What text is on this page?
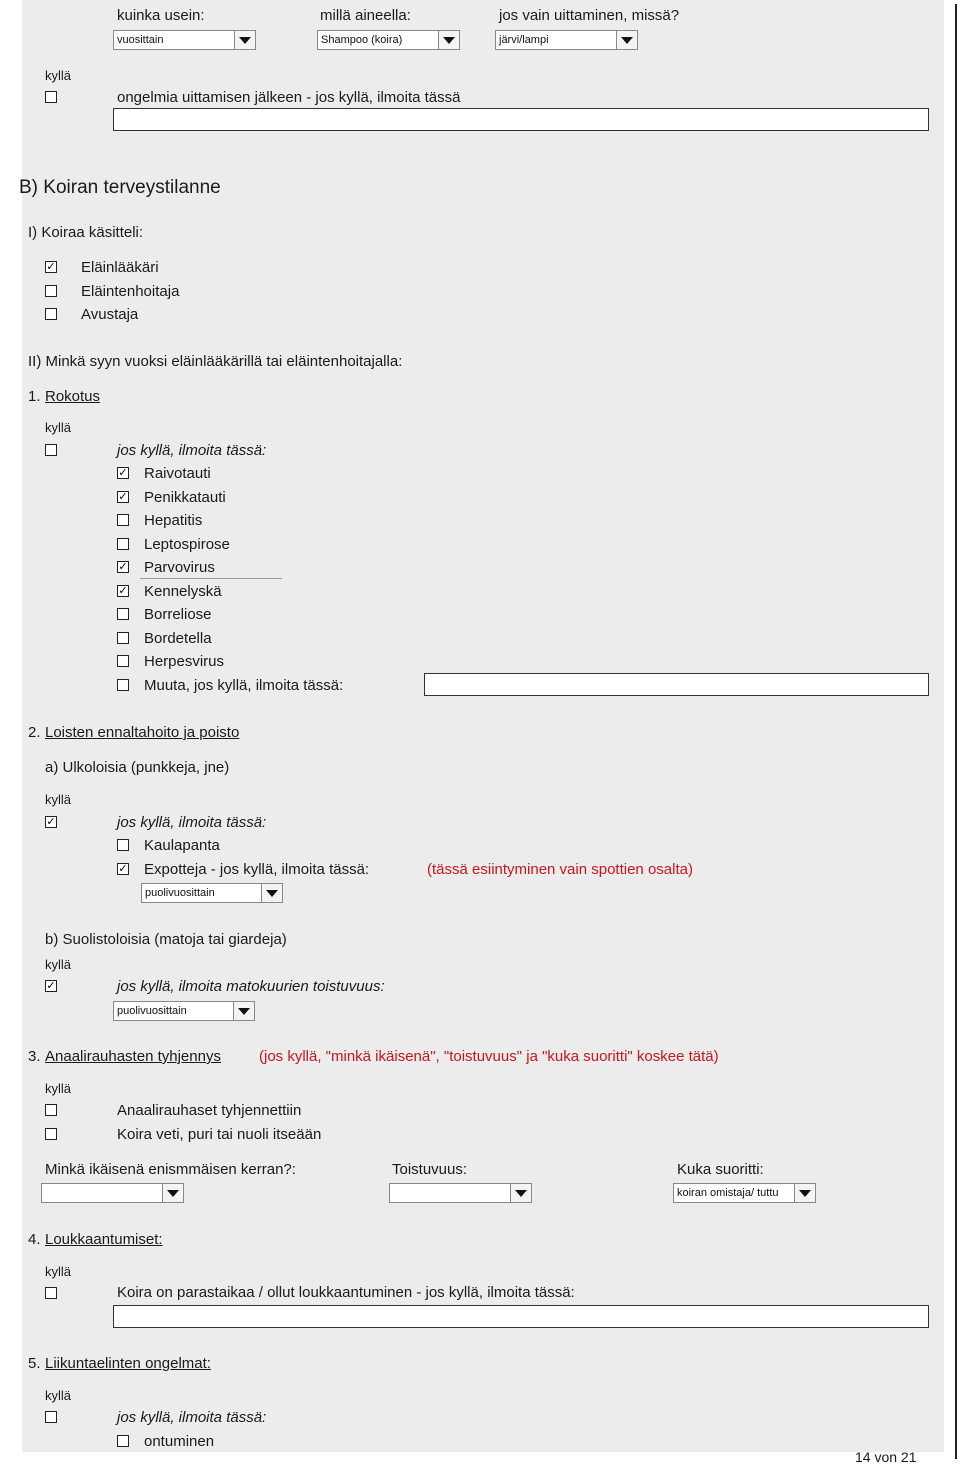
kuinka usein:	millä aineella:	jos vain uittaminen, missä?
vuosittain	Shampoo (koira)	järvi/lampi
kyllä
ongelmia uittamisen jälkeen - jos kyllä, ilmoita tässä
B) Koiran terveystilanne
I) Koiraa käsitteli:
✓ Eläinlääkäri
Eläintenhoitaja
Avustaja
II) Minkä syyn vuoksi eläinlääkärillä tai eläintenhoitajalla:
1. Rokotus
kyllä
jos kyllä, ilmoita tässä:
✓ Raivotauti
✓ Penikkatauti
Hepatitis
Leptospirose
✓ Parvovirus
✓ Kennelyskä
Borreliose
Bordetella
Herpesvirus
Muuta, jos kyllä, ilmoita tässä:
2. Loisten ennaltahoito ja poisto
a) Ulkoloisia (punkkeja, jne)
kyllä
✓	jos kyllä, ilmoita tässä:
Kaulapanta
✓ Expotteja - jos kyllä, ilmoita tässä:	(tässä esiintyminen vain spottien osalta)
puolivuosittain
b) Suolistoloisia (matoja tai giardeja)
kyllä
✓	jos kyllä, ilmoita matokuurien toistuvuus:
puolivuosittain
3. Anaalirauhasten tyhjennys	(jos kyllä, "minkä ikäisenä", "toistuvuus" ja "kuka suoritti" koskee tätä)
kyllä
Anaalirauhaset tyhjennettiin
Koira veti, puri tai nuoli itseään
Minkä ikäisenä enismmäisen kerran?:	Toistuvuus:	Kuka suoritti:
koiran omistaja/ tuttu
4. Loukkaantumiset:
kyllä
Koira on parastaikaa / ollut loukkaantuminen - jos kyllä, ilmoita tässä:
5. Liikuntaelinten ongelmat:
kyllä
jos kyllä, ilmoita tässä:
ontuminen
14 von 21
